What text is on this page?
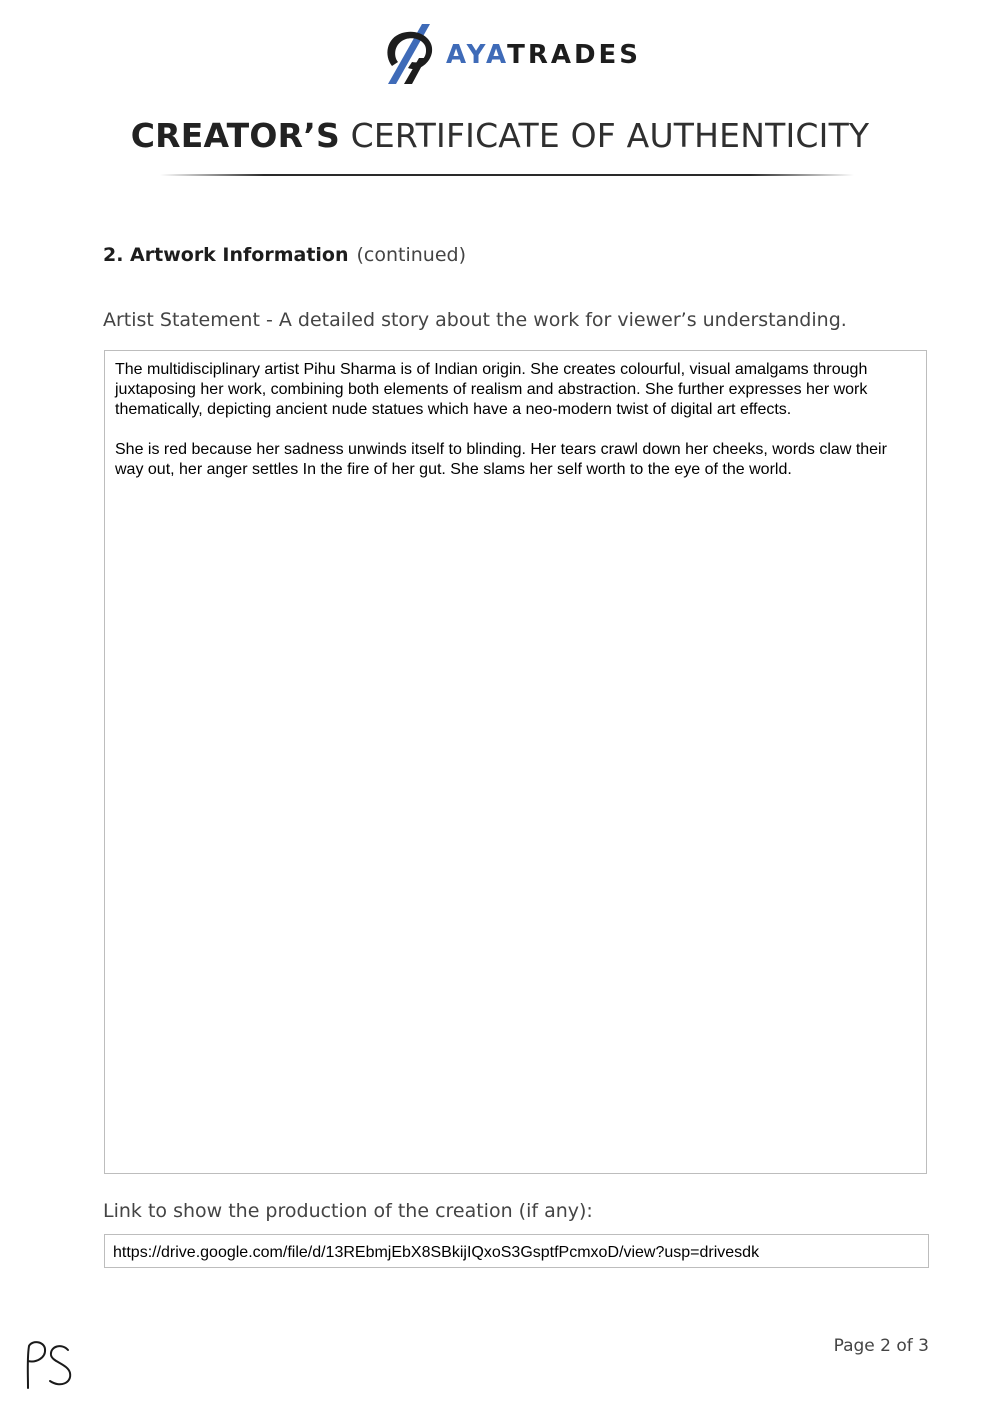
AYATRADES
CREATOR’S CERTIFICATE OF AUTHENTICITY
2. Artwork Information (continued)
Artist Statement - A detailed story about the work for viewer’s understanding.

The multidisciplinary artist Pihu Sharma is of Indian origin. She creates colourful, visual amalgams through juxtaposing her work, combining both elements of realism and abstraction. She further expresses her work thematically, depicting ancient nude statues which have a neo-modern twist of digital art effects.

She is red because her sadness unwinds itself to blinding. Her tears crawl down her cheeks, words claw their way out, her anger settles In the fire of her gut. She slams her self worth to the eye of the world.

Link to show the production of the creation (if any):
https://drive.google.com/file/d/13REbmjEbX8SBkijIQxoS3GsptfPcmxoD/view?usp=drivesdk
Page 2 of 3
